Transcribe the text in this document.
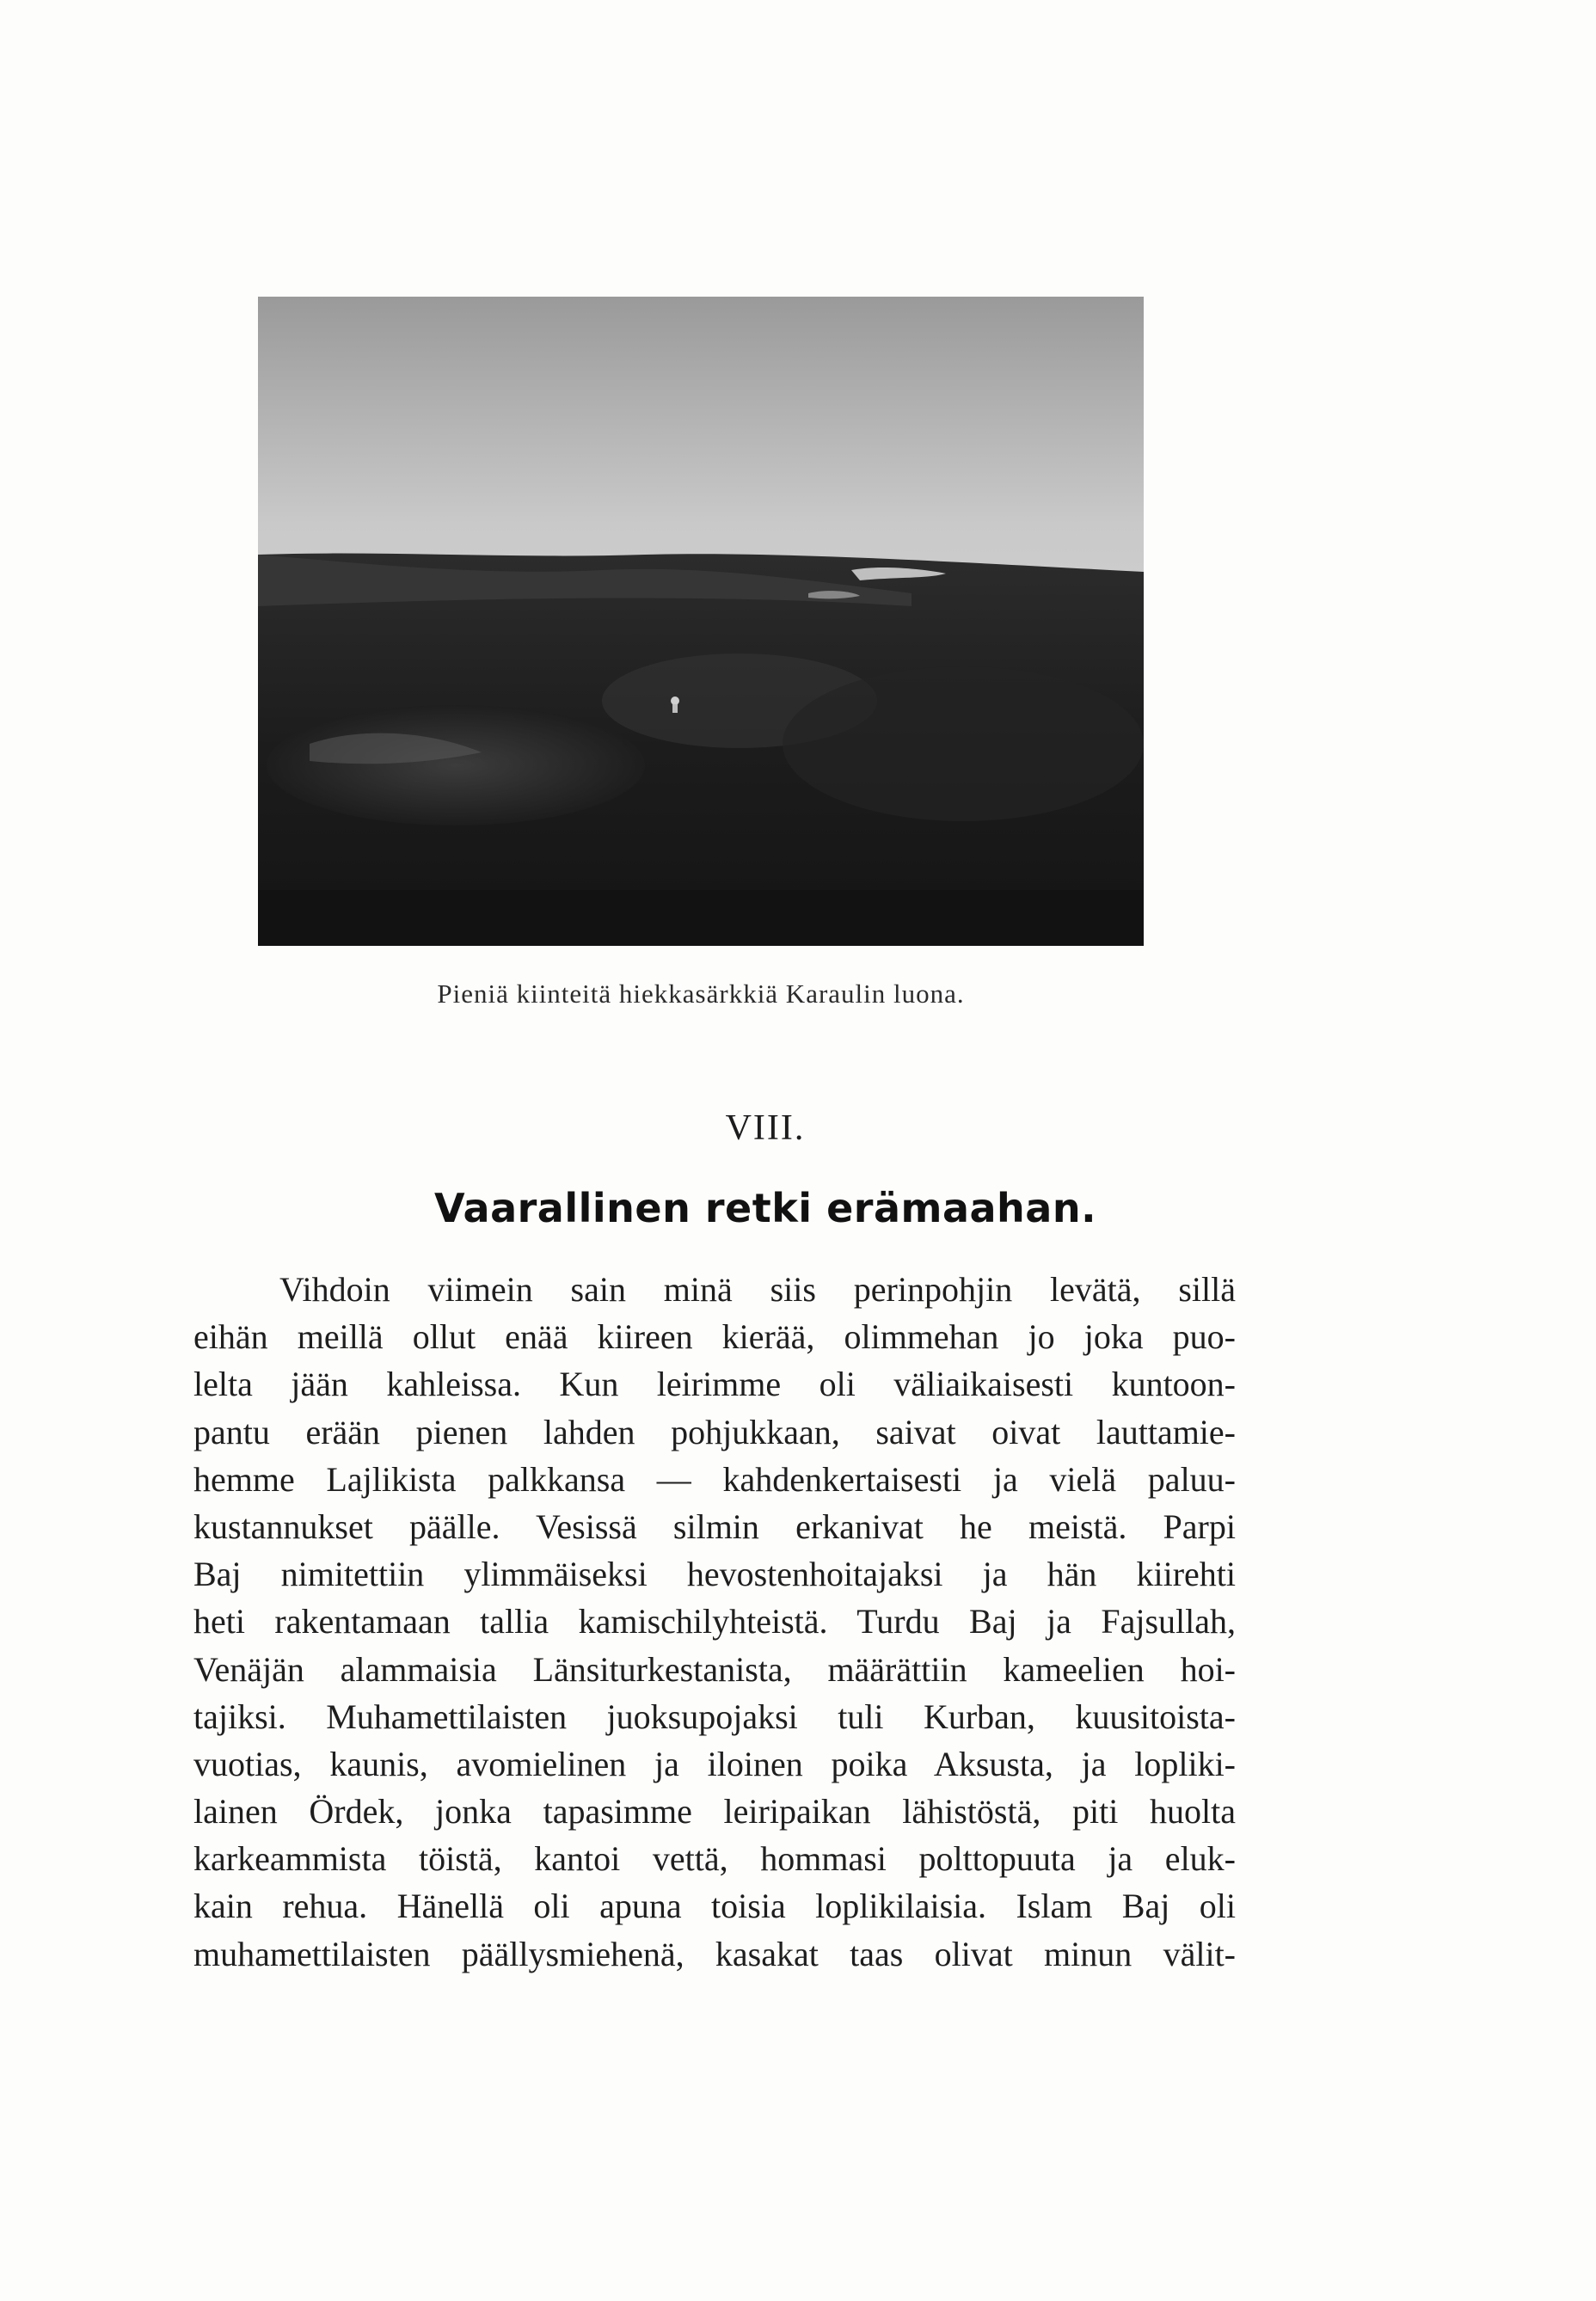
Pieniä kiinteitä hiekkasärkkiä Karaulin luona.
VIII.
Vaarallinen retki erämaahan.
Vihdoin viimein sain minä siis perinpohjin levätä, sillä
eihän meillä ollut enää kiireen kierää, olimmehan jo joka puo-
lelta jään kahleissa. Kun leirimme oli väliaikaisesti kuntoon-
pantu erään pienen lahden pohjukkaan, saivat oivat lauttamie-
hemme Lajlikista palkkansa — kahdenkertaisesti ja vielä paluu-
kustannukset päälle. Vesissä silmin erkanivat he meistä. Parpi
Baj nimitettiin ylimmäiseksi hevostenhoitajaksi ja hän kiirehti
heti rakentamaan tallia kamischilyhteistä. Turdu Baj ja Fajsullah,
Venäjän alammaisia Länsiturkestanista, määrättiin kameelien hoi-
tajiksi. Muhamettilaisten juoksupojaksi tuli Kurban, kuusitoista-
vuotias, kaunis, avomielinen ja iloinen poika Aksusta, ja lopliki-
lainen Ördek, jonka tapasimme leiripaikan lähistöstä, piti huolta
karkeammista töistä, kantoi vettä, hommasi polttopuuta ja eluk-
kain rehua. Hänellä oli apuna toisia loplikilaisia. Islam Baj oli
muhamettilaisten päällysmiehenä, kasakat taas olivat minun välit-
